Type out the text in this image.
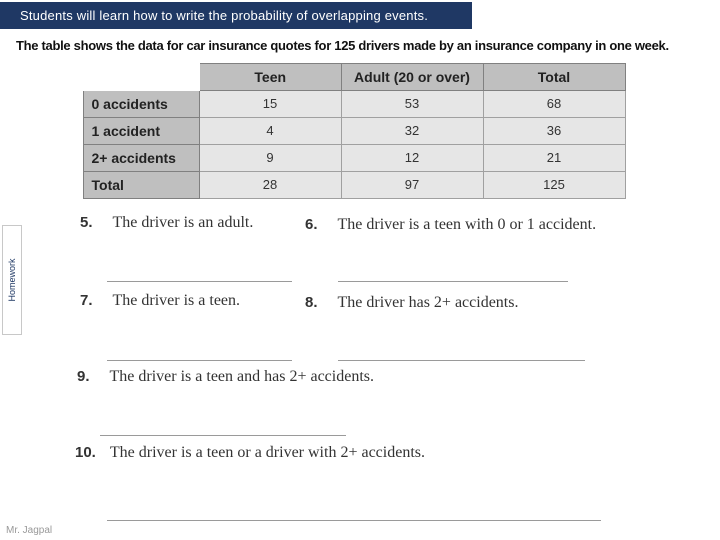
Students will learn how to write the probability of overlapping events.
Homework
The table shows the data for car insurance quotes for 125 drivers made by an insurance company in one week.
	Teen	Adult (20 or over)	Total
0 accidents	15	53	68
1 accident	4	32	36
2+ accidents	9	12	21
Total	28	97	125
5. The driver is an adult.	6. The driver is a teen with 0 or 1 accident.
7. The driver is a teen.	8. The driver has 2+ accidents.
9. The driver is a teen and has 2+ accidents.
10. The driver is a teen or a driver with 2+ accidents.
Mr. Jagpal
